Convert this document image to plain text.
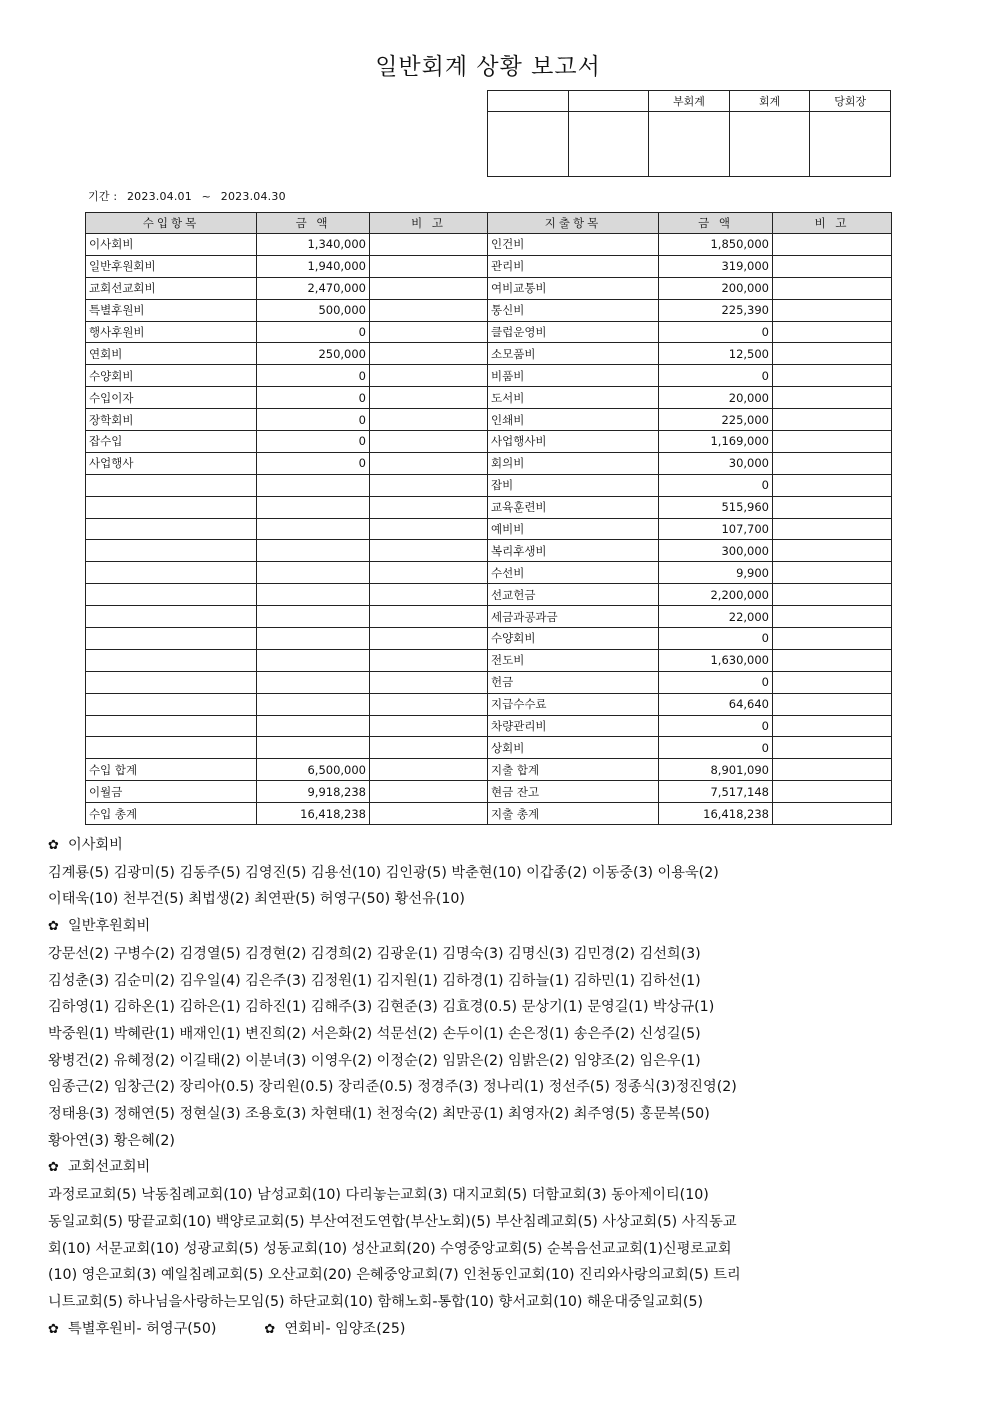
일반회계 상황 보고서
		부회계	회계	당회장

기간 : 2023.04.01 ~ 2023.04.30
수입항목	금 액	비 고	지출항목	금 액	비 고
이사회비	1,340,000		인건비	1,850,000	
일반후원회비	1,940,000		관리비	319,000	
교회선교회비	2,470,000		여비교통비	200,000	
특별후원비	500,000		통신비	225,390	
행사후원비	0		클럽운영비	0	
연회비	250,000		소모품비	12,500	
수양회비	0		비품비	0	
수입이자	0		도서비	20,000	
장학회비	0		인쇄비	225,000	
잡수입	0		사업행사비	1,169,000	
사업행사	0		회의비	30,000	
			잡비	0	
			교육훈련비	515,960	
			예비비	107,700	
			복리후생비	300,000	
			수선비	9,900	
			선교헌금	2,200,000	
			세금과공과금	22,000	
			수양회비	0	
			전도비	1,630,000	
			헌금	0	
			지급수수료	64,640	
			차량관리비	0	
			상회비	0	
수입 합계	6,500,000		지출 합계	8,901,090	
이월금	9,918,238		현금 잔고	7,517,148	
수입 총계	16,418,238		지출 총계	16,418,238	

✿ 이사회비

김계룡(5) 김광미(5) 김동주(5) 김영진(5) 김용선(10) 김인광(5) 박춘현(10) 이갑종(2) 이동중(3) 이용욱(2)

이태욱(10) 천부건(5) 최법생(2) 최연판(5) 허영구(50) 황선유(10)

✿ 일반후원회비

강문선(2) 구병수(2) 김경열(5) 김경현(2) 김경희(2) 김광운(1) 김명숙(3) 김명신(3) 김민경(2) 김선희(3)

김성춘(3) 김순미(2) 김우일(4) 김은주(3) 김정원(1) 김지원(1) 김하경(1) 김하늘(1) 김하민(1) 김하선(1)

김하영(1) 김하온(1) 김하은(1) 김하진(1) 김해주(3) 김현준(3) 김효경(0.5) 문상기(1) 문영길(1) 박상규(1)

박중원(1) 박혜란(1) 배재인(1) 변진희(2) 서은화(2) 석문선(2) 손두이(1) 손은정(1) 송은주(2) 신성길(5)

왕병건(2) 유혜정(2) 이길태(2) 이분녀(3) 이영우(2) 이정순(2) 임맑은(2) 임밝은(2) 임양조(2) 임은우(1)

임종근(2) 임창근(2) 장리아(0.5) 장리원(0.5) 장리준(0.5) 정경주(3) 정나리(1) 정선주(5) 정종식(3)정진영(2)

정태용(3) 정해연(5) 정현실(3) 조용호(3) 차현태(1) 천정숙(2) 최만공(1) 최영자(2) 최주영(5) 홍문복(50)

황아연(3) 황은혜(2)

✿ 교회선교회비

과정로교회(5) 낙동침례교회(10) 남성교회(10) 다리놓는교회(3) 대지교회(5) 더함교회(3) 동아제이티(10)

동일교회(5) 땅끝교회(10) 백양로교회(5) 부산여전도연합(부산노회)(5) 부산침례교회(5) 사상교회(5) 사직동교

회(10) 서문교회(10) 성광교회(5) 성동교회(10) 성산교회(20) 수영중앙교회(5) 순복음선교교회(1)신평로교회

(10) 영은교회(3) 예일침례교회(5) 오산교회(20) 은혜중앙교회(7) 인천동인교회(10) 진리와사랑의교회(5) 트리

니트교회(5) 하나님을사랑하는모임(5) 하단교회(10) 함해노회-통합(10) 향서교회(10) 해운대중일교회(5)

✿ 특별후원비- 허영구(50)	✿ 연회비- 임양조(25)
